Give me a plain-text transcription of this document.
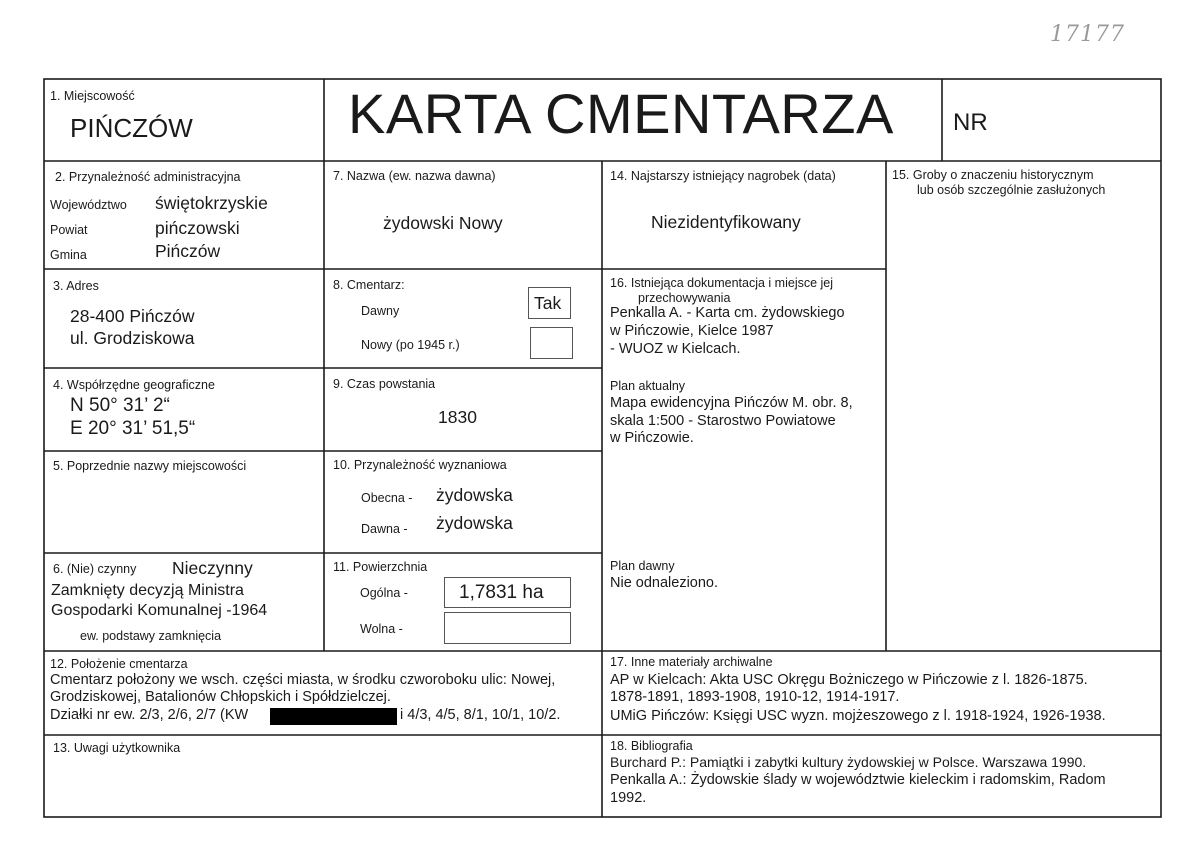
17177
1. Miejscowość
PIŃCZÓW	KARTA CMENTARZA NR
2. Przynależność administracyjna
Województwo świętokrzyskie
Powiat	pińczowski
Gmina	Pińczów
3. Adres
28-400 Pińczów
ul. Grodziskowa
4. Współrzędne geograficzne
N 50° 31’ 2“
E 20° 31’ 51,5“
5. Poprzednie nazwy miejscowości
6. (Nie) czynny Nieczynny
Zamknięty decyzją Ministra
Gospodarki Komunalnej -1964
ew. podstawy zamknięcia
7. Nazwa (ew. nazwa dawna)
żydowski Nowy
8. Cmentarz:
Dawny	Tak
Nowy (po 1945 r.)
9. Czas powstania
1830
10. Przynależność wyznaniowa
Obecna - żydowska
Dawna - żydowska
11. Powierzchnia
Ogólna -	1,7831 ha
Wolna -
12. Położenie cmentarza
Cmentarz położony we wsch. części miasta, w środku czworoboku ulic: Nowej,
Grodziskowej, Batalionów Chłopskich i Spółdzielczej.
Działki nr ew. 2/3, 2/6, 2/7 (KW	i 4/3, 4/5, 8/1, 10/1, 10/2.
13. Uwagi użytkownika
14. Najstarszy istniejący nagrobek (data)
Niezidentyfikowany
15. Groby o znaczeniu historycznym
lub osób szczególnie zasłużonych
16. Istniejąca dokumentacja i miejsce jej
przechowywania
Penkalla A. - Karta cm. żydowskiego
w Pińczowie, Kielce 1987
- WUOZ w Kielcach.
Plan aktualny
Mapa ewidencyjna Pińczów M. obr. 8,
skala 1:500 - Starostwo Powiatowe
w Pińczowie.
Plan dawny
Nie odnaleziono.
17. Inne materiały archiwalne
AP w Kielcach: Akta USC Okręgu Bożniczego w Pińczowie z l. 1826-1875.
1878-1891, 1893-1908, 1910-12, 1914-1917.
UMiG Pińczów: Księgi USC wyzn. mojżeszowego z l. 1918-1924, 1926-1938.
18. Bibliografia
Burchard P.: Pamiątki i zabytki kultury żydowskiej w Polsce. Warszawa 1990.
Penkalla A.: Żydowskie ślady w województwie kieleckim i radomskim, Radom
1992.
